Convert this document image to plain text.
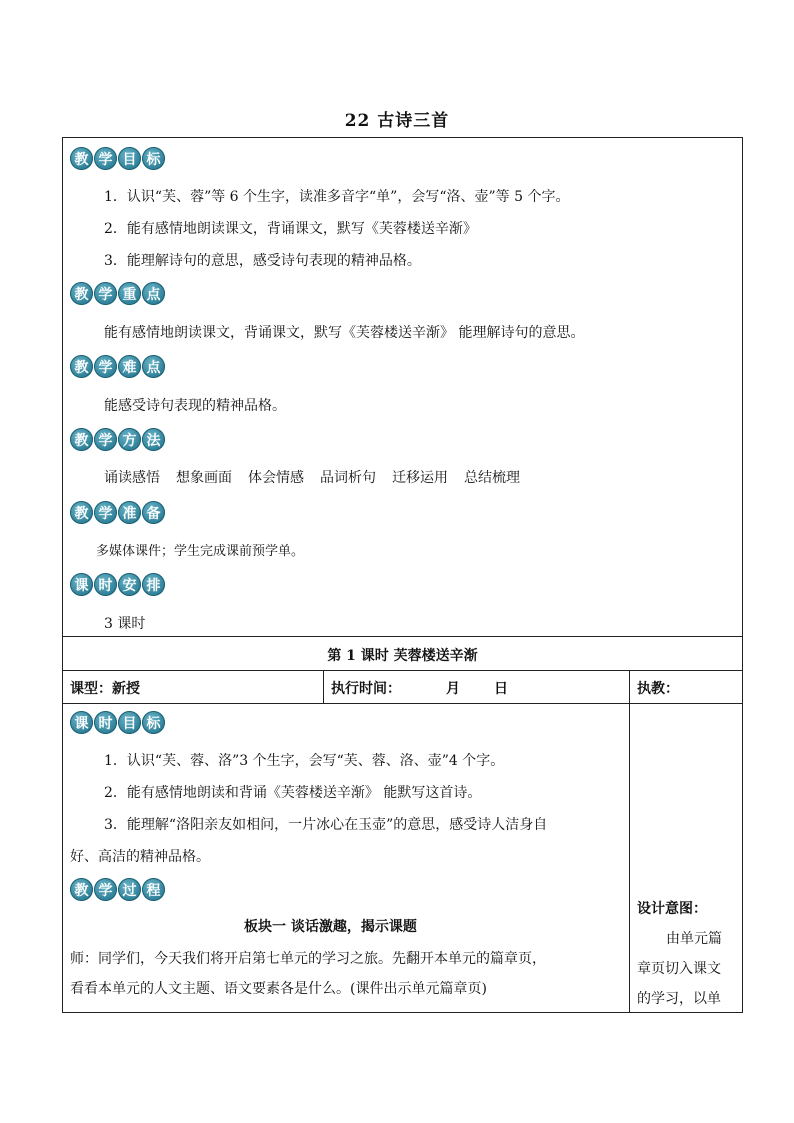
22 古诗三首
教 学 目 标
1．认识“芙、蓉”等 6 个生字，读准多音字“单”，会写“洛、壶”等 5 个字。
2．能有感情地朗读课文，背诵课文，默写《芙蓉楼送辛渐》
3．能理解诗句的意思，感受诗句表现的精神品格。
教 学 重 点
能有感情地朗读课文，背诵课文，默写《芙蓉楼送辛渐》 能理解诗句的意思。
教 学 难 点
能感受诗句表现的精神品格。
教 学 方 法
诵读感悟 想象画面 体会情感 品词析句 迁移运用 总结梳理
教 学 准 备
多媒体课件；学生完成课前预学单。
课 时 安 排
3 课时
第 1 课时 芙蓉楼送辛渐
课型：新授	执行时间：	月 日	执教：
课 时 目 标
1．认识“芙、蓉、洛”3 个生字，会写“芙、蓉、洛、壶”4 个字。
2．能有感情地朗读和背诵《芙蓉楼送辛渐》 能默写这首诗。
3．能理解“洛阳亲友如相问，一片冰心在玉壶”的意思，感受诗人洁身自
好、高洁的精神品格。
教 学 过 程
板块一 谈话激趣，揭示课题
师：同学们，今天我们将开启第七单元的学习之旅。先翻开本单元的篇章页，
看看本单元的人文主题、语文要素各是什么。(课件出示单元篇章页)
设计意图：
由单元篇
章页切入课文
的学习，以单
